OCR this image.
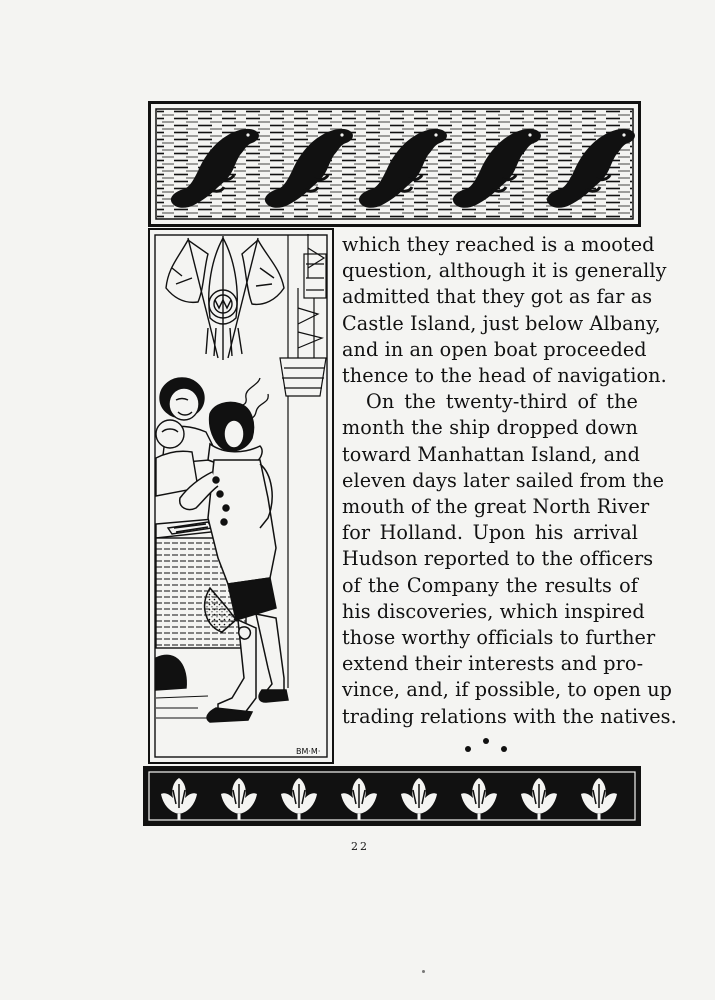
BM·M·
which they reached is a mooted
question, although it is generally
admitted that they got as far as
Castle Island, just below Albany,
and in an open boat proceeded
thence to the head of navigation.
On the twenty-third of the
month the ship dropped down
toward Manhattan Island, and
eleven days later sailed from the
mouth of the great North River
for Holland. Upon his arrival
Hudson reported to the officers
of the Company the results of
his discoveries, which inspired
those worthy officials to further
extend their interests and pro-
vince, and, if possible, to open up
trading relations with the natives.
22
